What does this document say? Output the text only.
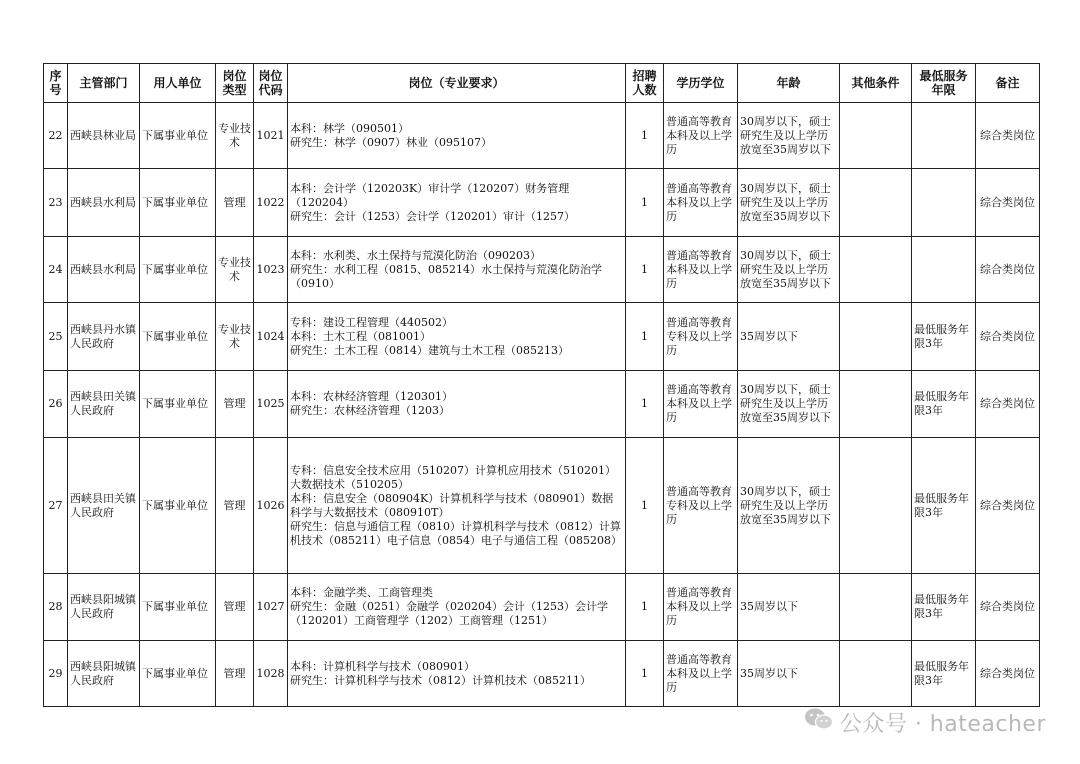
序号	主管部门	用人单位	岗位类型	岗位代码	岗位（专业要求）	招聘人数	学历学位	年龄	其他条件	最低服务年限	备注
22	西峡县林业局	下属事业单位	专业技术	1021	本科：林学（090501）
研究生：林学（0907）林业（095107）	1	普通高等教育本科及以上学历	30周岁以下，硕士研究生及以上学历放宽至35周岁以下			综合类岗位
23	西峡县水利局	下属事业单位	管理	1022	本科：会计学（120203K）审计学（120207）财务管理（120204）
研究生：会计（1253）会计学（120201）审计（1257）	1	普通高等教育本科及以上学历	30周岁以下，硕士研究生及以上学历放宽至35周岁以下			综合类岗位
24	西峡县水利局	下属事业单位	专业技术	1023	本科：水利类、水土保持与荒漠化防治（090203）
研究生：水利工程（0815、085214）水土保持与荒漠化防治学（0910）	1	普通高等教育本科及以上学历	30周岁以下，硕士研究生及以上学历放宽至35周岁以下			综合类岗位
25	西峡县丹水镇人民政府	下属事业单位	专业技术	1024	专科：建设工程管理（440502）
本科：土木工程（081001）
研究生：土木工程（0814）建筑与土木工程（085213）	1	普通高等教育专科及以上学历	35周岁以下		最低服务年限3年	综合类岗位
26	西峡县田关镇人民政府	下属事业单位	管理	1025	本科：农林经济管理（120301）
研究生：农林经济管理（1203）	1	普通高等教育本科及以上学历	30周岁以下，硕士研究生及以上学历放宽至35周岁以下		最低服务年限3年	综合类岗位
27	西峡县田关镇人民政府	下属事业单位	管理	1026	专科：信息安全技术应用（510207）计算机应用技术（510201）大数据技术（510205）
本科：信息安全（080904K）计算机科学与技术（080901）数据科学与大数据技术（080910T）
研究生：信息与通信工程（0810）计算机科学与技术（0812）计算机技术（085211）电子信息（0854）电子与通信工程（085208）	1	普通高等教育专科及以上学历	30周岁以下，硕士研究生及以上学历放宽至35周岁以下		最低服务年限3年	综合类岗位
28	西峡县阳城镇人民政府	下属事业单位	管理	1027	本科：金融学类、工商管理类
研究生：金融（0251）金融学（020204）会计（1253）会计学（120201）工商管理学（1202）工商管理（1251）	1	普通高等教育本科及以上学历	35周岁以下		最低服务年限3年	综合类岗位
29	西峡县阳城镇人民政府	下属事业单位	管理	1028	本科：计算机科学与技术（080901）
研究生：计算机科学与技术（0812）计算机技术（085211）	1	普通高等教育本科及以上学历	35周岁以下		最低服务年限3年	综合类岗位
公众号 · hateacher
